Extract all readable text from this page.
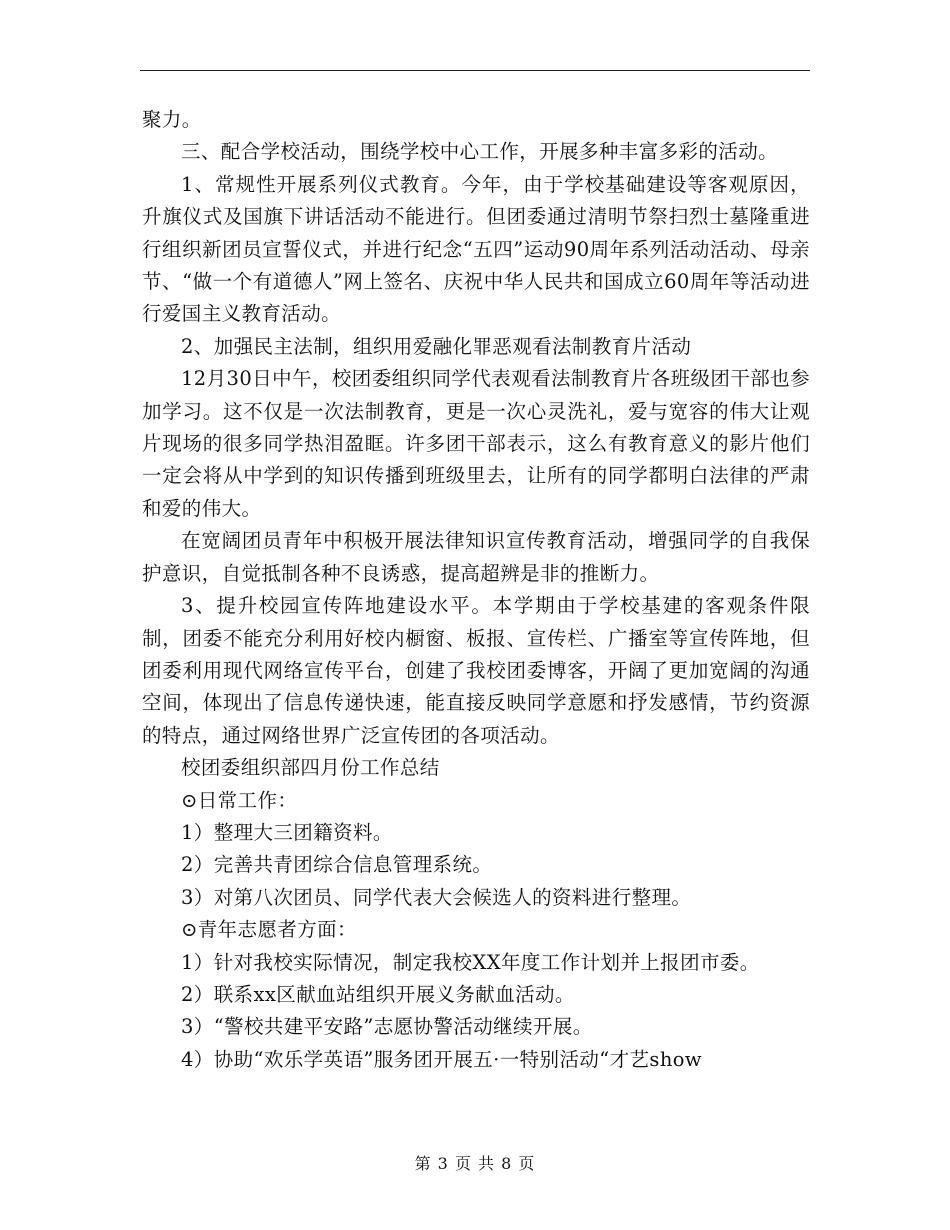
聚力。

三、配合学校活动，围绕学校中心工作，开展多种丰富多彩的活动。

1、常规性开展系列仪式教育。今年，由于学校基础建设等客观原因，升旗仪式及国旗下讲话活动不能进行。但团委通过清明节祭扫烈士墓隆重进行组织新团员宣誓仪式，并进行纪念“五四”运动90周年系列活动活动、母亲节、“做一个有道德人”网上签名、庆祝中华人民共和国成立60周年等活动进行爱国主义教育活动。

2、加强民主法制，组织用爱融化罪恶观看法制教育片活动

12月30日中午，校团委组织同学代表观看法制教育片各班级团干部也参加学习。这不仅是一次法制教育，更是一次心灵洗礼，爱与宽容的伟大让观片现场的很多同学热泪盈眶。许多团干部表示，这么有教育意义的影片他们一定会将从中学到的知识传播到班级里去，让所有的同学都明白法律的严肃和爱的伟大。

在宽阔团员青年中积极开展法律知识宣传教育活动，增强同学的自我保护意识，自觉抵制各种不良诱惑，提高超辨是非的推断力。

3、提升校园宣传阵地建设水平。本学期由于学校基建的客观条件限制，团委不能充分利用好校内橱窗、板报、宣传栏、广播室等宣传阵地，但团委利用现代网络宣传平台，创建了我校团委博客，开阔了更加宽阔的沟通空间，体现出了信息传递快速，能直接反映同学意愿和抒发感情，节约资源的特点，通过网络世界广泛宣传团的各项活动。

校团委组织部四月份工作总结

⊙日常工作：

1）整理大三团籍资料。

2）完善共青团综合信息管理系统。

3）对第八次团员、同学代表大会候选人的资料进行整理。

⊙青年志愿者方面：

1）针对我校实际情况，制定我校XX年度工作计划并上报团市委。

2）联系xx区献血站组织开展义务献血活动。

3）“警校共建平安路”志愿协警活动继续开展。

4）协助“欢乐学英语”服务团开展五·一特别活动“才艺show

第 3 页 共 8 页
